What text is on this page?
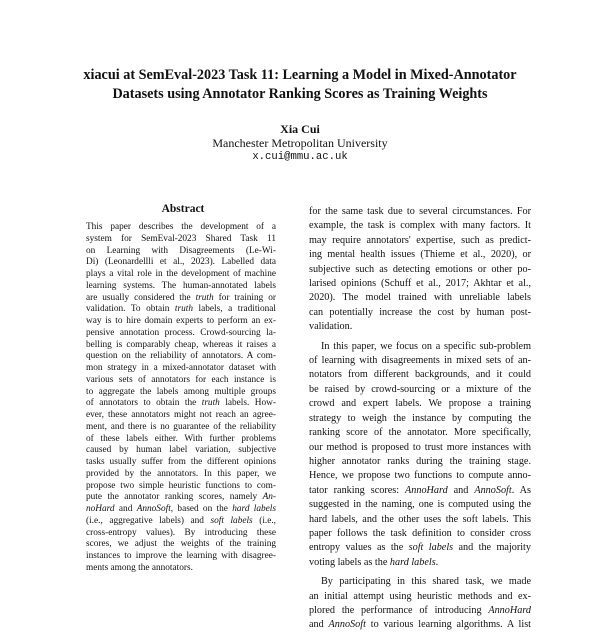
xiacui at SemEval-2023 Task 11: Learning a Model in Mixed-Annotator
Datasets using Annotator Ranking Scores as Training Weights
Xia Cui
Manchester Metropolitan University
x.cui@mmu.ac.uk
Abstract
This paper describes the development of a
system for SemEval-2023 Shared Task 11
on Learning with Disagreements (Le-Wi-
Di) (Leonardellli et al., 2023). Labelled data
plays a vital role in the development of machine
learning systems. The human-annotated labels
are usually considered the truth for training or
validation. To obtain truth labels, a traditional
way is to hire domain experts to perform an ex-
pensive annotation process. Crowd-sourcing la-
belling is comparably cheap, whereas it raises a
question on the reliability of annotators. A com-
mon strategy in a mixed-annotator dataset with
various sets of annotators for each instance is
to aggregate the labels among multiple groups
of annotators to obtain the truth labels. How-
ever, these annotators might not reach an agree-
ment, and there is no guarantee of the reliability
of these labels either. With further problems
caused by human label variation, subjective
tasks usually suffer from the different opinions
provided by the annotators. In this paper, we
propose two simple heuristic functions to com-
pute the annotator ranking scores, namely An-
noHard and AnnoSoft, based on the hard labels
(i.e., aggregative labels) and soft labels (i.e.,
cross-entropy values). By introducing these
scores, we adjust the weights of the training
instances to improve the learning with disagree-
ments among the annotators.
for the same task due to several circumstances. For
example, the task is complex with many factors. It
may require annotators' expertise, such as predict-
ing mental health issues (Thieme et al., 2020), or
subjective such as detecting emotions or other po-
larised opinions (Schuff et al., 2017; Akhtar et al.,
2020). The model trained with unreliable labels
can potentially increase the cost by human post-
validation.
In this paper, we focus on a specific sub-problem
of learning with disagreements in mixed sets of an-
notators from different backgrounds, and it could
be raised by crowd-sourcing or a mixture of the
crowd and expert labels. We propose a training
strategy to weigh the instance by computing the
ranking score of the annotator. More specifically,
our method is proposed to trust more instances with
higher annotator ranks during the training stage.
Hence, we propose two functions to compute anno-
tator ranking scores: AnnoHard and AnnoSoft. As
suggested in the naming, one is computed using the
hard labels, and the other uses the soft labels. This
paper follows the task definition to consider cross
entropy values as the soft labels and the majority
voting labels as the hard labels.
By participating in this shared task, we made
an initial attempt using heuristic methods and ex-
plored the performance of introducing AnnoHard
and AnnoSoft to various learning algorithms. A list
